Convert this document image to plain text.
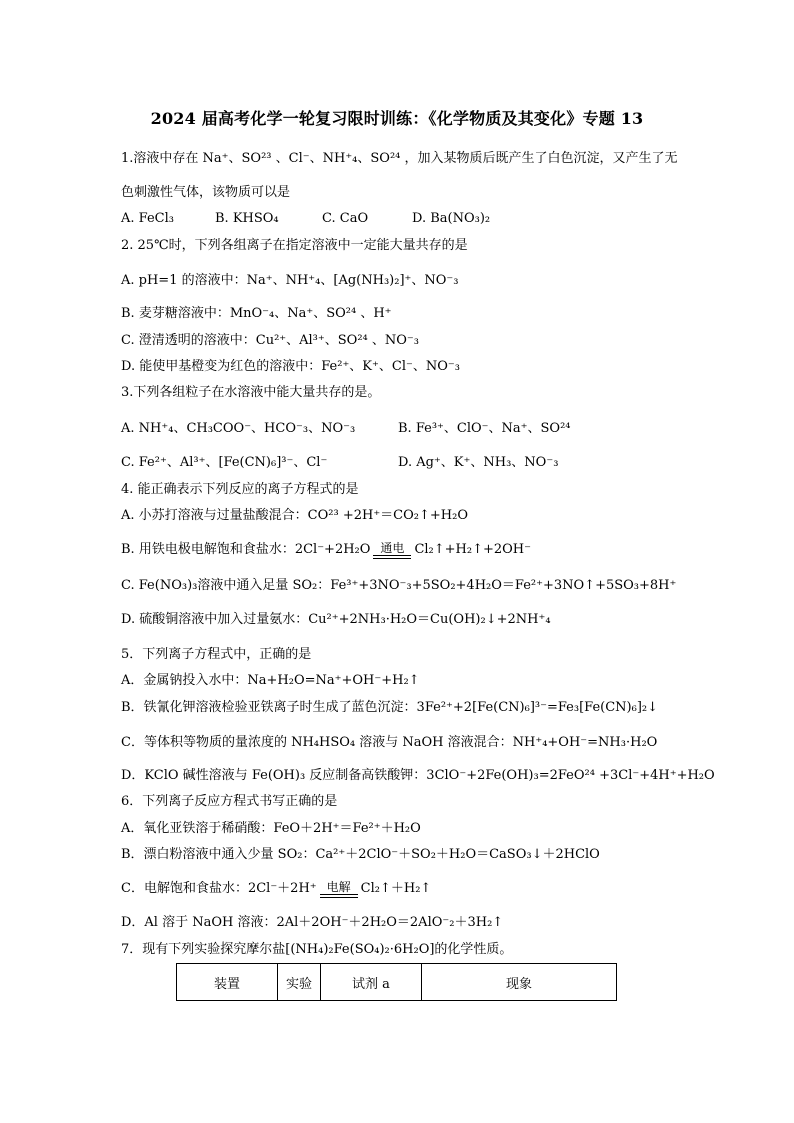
2024 届高考化学一轮复习限时训练：《化学物质及其变化》专题 13
1.溶液中存在 Na⁺、SO²³ 、Cl⁻、NH⁺₄、SO²⁴ ，加入某物质后既产生了白色沉淀，又产生了无
色刺激性气体，该物质可以是
A. FeCl₃	B. KHSO₄	C. CaO	D. Ba(NO₃)₂
2. 25℃时，下列各组离子在指定溶液中一定能大量共存的是
A. pH=1 的溶液中：Na⁺、NH⁺₄、[Ag(NH₃)₂]⁺、NO⁻₃
B. 麦芽糖溶液中：MnO⁻₄、Na⁺、SO²⁴ 、H⁺
C. 澄清透明的溶液中：Cu²⁺、Al³⁺、SO²⁴ 、NO⁻₃
D. 能使甲基橙变为红色的溶液中：Fe²⁺、K⁺、Cl⁻、NO⁻₃
3.下列各组粒子在水溶液中能大量共存的是。
A. NH⁺₄、CH₃COO⁻、HCO⁻₃、NO⁻₃	B. Fe³⁺、ClO⁻、Na⁺、SO²⁴
C. Fe²⁺、Al³⁺、[Fe(CN)₆]³⁻、Cl⁻	D. Ag⁺、K⁺、NH₃、NO⁻₃
4. 能正确表示下列反应的离子方程式的是
A. 小苏打溶液与过量盐酸混合：CO²³ +2H⁺＝CO₂↑+H₂O
B. 用铁电极电解饱和食盐水：2Cl⁻+2H₂O 通电 Cl₂↑+H₂↑+2OH⁻
C. Fe(NO₃)₃溶液中通入足量 SO₂：Fe³⁺+3NO⁻₃+5SO₂+4H₂O＝Fe²⁺+3NO↑+5SO₃+8H⁺
D. 硫酸铜溶液中加入过量氨水：Cu²⁺+2NH₃·H₂O＝Cu(OH)₂↓+2NH⁺₄
5．下列离子方程式中，正确的是
A．金属钠投入水中：Na+H₂O=Na⁺+OH⁻+H₂↑
B．铁氰化钾溶液检验亚铁离子时生成了蓝色沉淀：3Fe²⁺+2[Fe(CN)₆]³⁻=Fe₃[Fe(CN)₆]₂↓
C．等体积等物质的量浓度的 NH₄HSO₄ 溶液与 NaOH 溶液混合：NH⁺₄+OH⁻=NH₃·H₂O
D．KClO 碱性溶液与 Fe(OH)₃ 反应制备高铁酸钾：3ClO⁻+2Fe(OH)₃=2FeO²⁴ +3Cl⁻+4H⁺+H₂O
6．下列离子反应方程式书写正确的是
A．氧化亚铁溶于稀硝酸：FeO＋2H⁺＝Fe²⁺＋H₂O
B．漂白粉溶液中通入少量 SO₂：Ca²⁺＋2ClO⁻＋SO₂＋H₂O＝CaSO₃↓＋2HClO
C．电解饱和食盐水：2Cl⁻＋2H⁺ 电解 Cl₂↑＋H₂↑
D．Al 溶于 NaOH 溶液：2Al＋2OH⁻＋2H₂O＝2AlO⁻₂＋3H₂↑
7．现有下列实验探究摩尔盐[(NH₄)₂Fe(SO₄)₂·6H₂O]的化学性质。
装置	实验	试剂 a	现象
